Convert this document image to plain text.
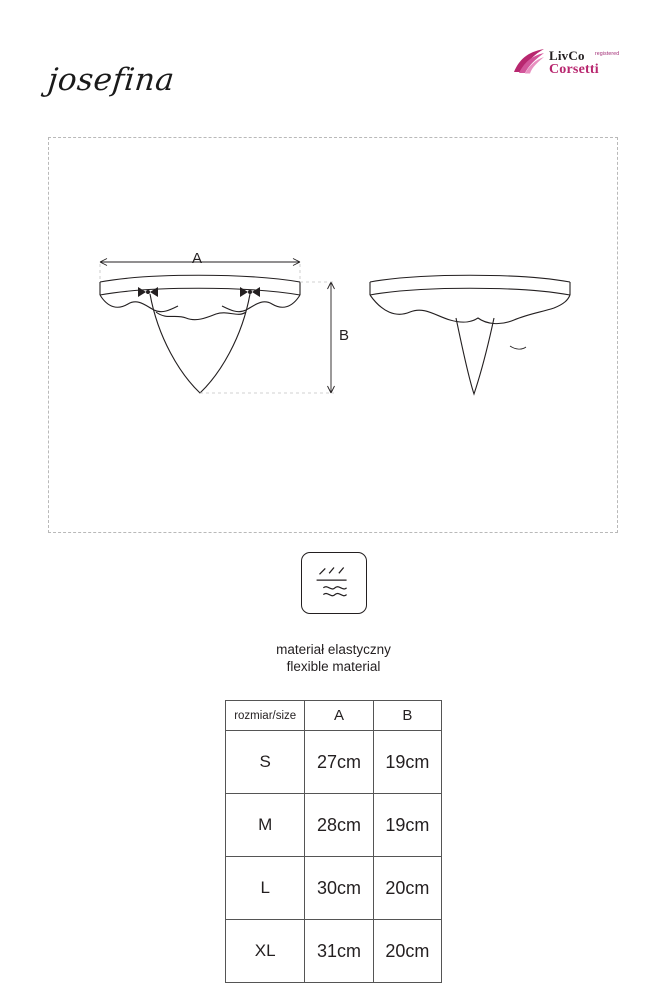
josefina
LivCo registered
Corsetti
A
B
materiał elastyczny
flexible material
rozmiar/size	A	B
S	27cm	19cm
M	28cm	19cm
L	30cm	20cm
XL	31cm	20cm
